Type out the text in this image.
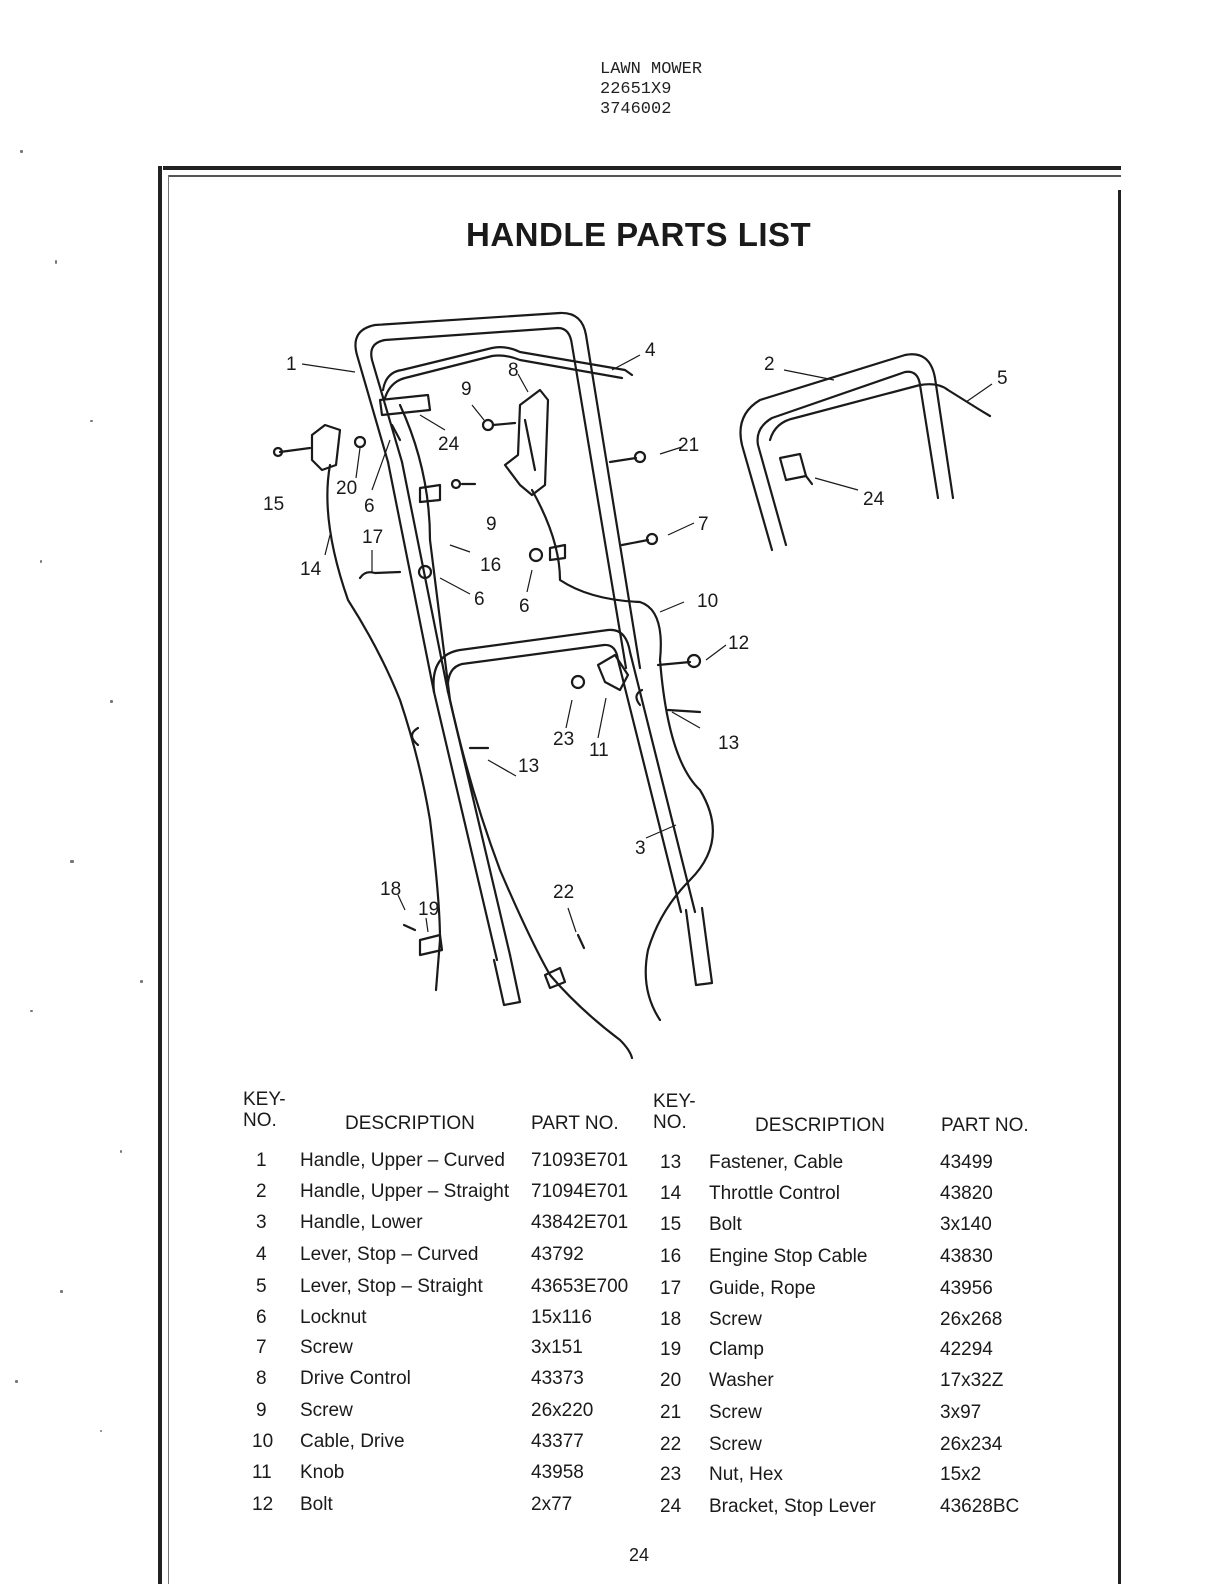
LAWN MOWER
22651X9
3746002
HANDLE PARTS LIST
1	2
3
4
5
6
6 6
7
8
9
9
10
11
12
13
13
14
15
16
17
18
19
20
21
22
23
24
24
KEY-
NO.	DESCRIPTION	PART NO.
KEY-
NO.	DESCRIPTION	PART NO.
1 Handle, Upper – Curved 71093E701
2 Handle, Upper – Straight 71094E701
3 Handle, Lower	43842E701
4 Lever, Stop – Curved	43792
5 Lever, Stop – Straight	43653E700
6 Locknut	15x116
7 Screw	3x151
8 Drive Control	43373
9 Screw	26x220
10 Cable, Drive	43377
11 Knob	43958
12 Bolt	2x77
13 Fastener, Cable	43499
14 Throttle Control	43820
15 Bolt	3x140
16 Engine Stop Cable	43830
17 Guide, Rope	43956
18 Screw	26x268
19 Clamp	42294
20 Washer	17x32Z
21 Screw	3x97
22 Screw	26x234
23 Nut, Hex	15x2
24 Bracket, Stop Lever	43628BC
24
